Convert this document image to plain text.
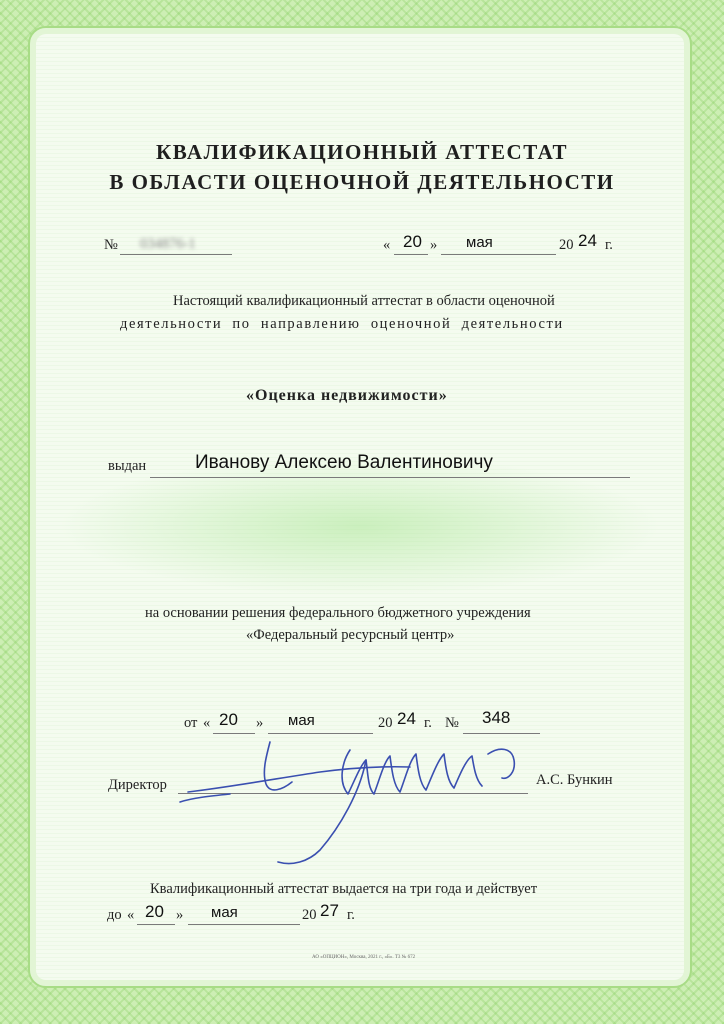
КВАЛИФИКАЦИОННЫЙ АТТЕСТАТ
В ОБЛАСТИ ОЦЕНОЧНОЙ ДЕЯТЕЛЬНОСТИ
№ 034876-1	« 20 » мая	20 24 г.
Настоящий квалификационный аттестат в области оценочной
деятельности по направлению оценочной деятельности
«Оценка недвижимости»
выдан	Иванову Алексею Валентиновичу
на основании решения федерального бюджетного учреждения
«Федеральный ресурсный центр»
от « 20 » мая	20 24 г. № 348
Директор	А.С. Бункин
Квалификационный аттестат выдается на три года и действует
до « 20 » мая	20 27 г.
АО «ОПЦИОН», Москва, 2021 г., «Б». Т3 № 672
